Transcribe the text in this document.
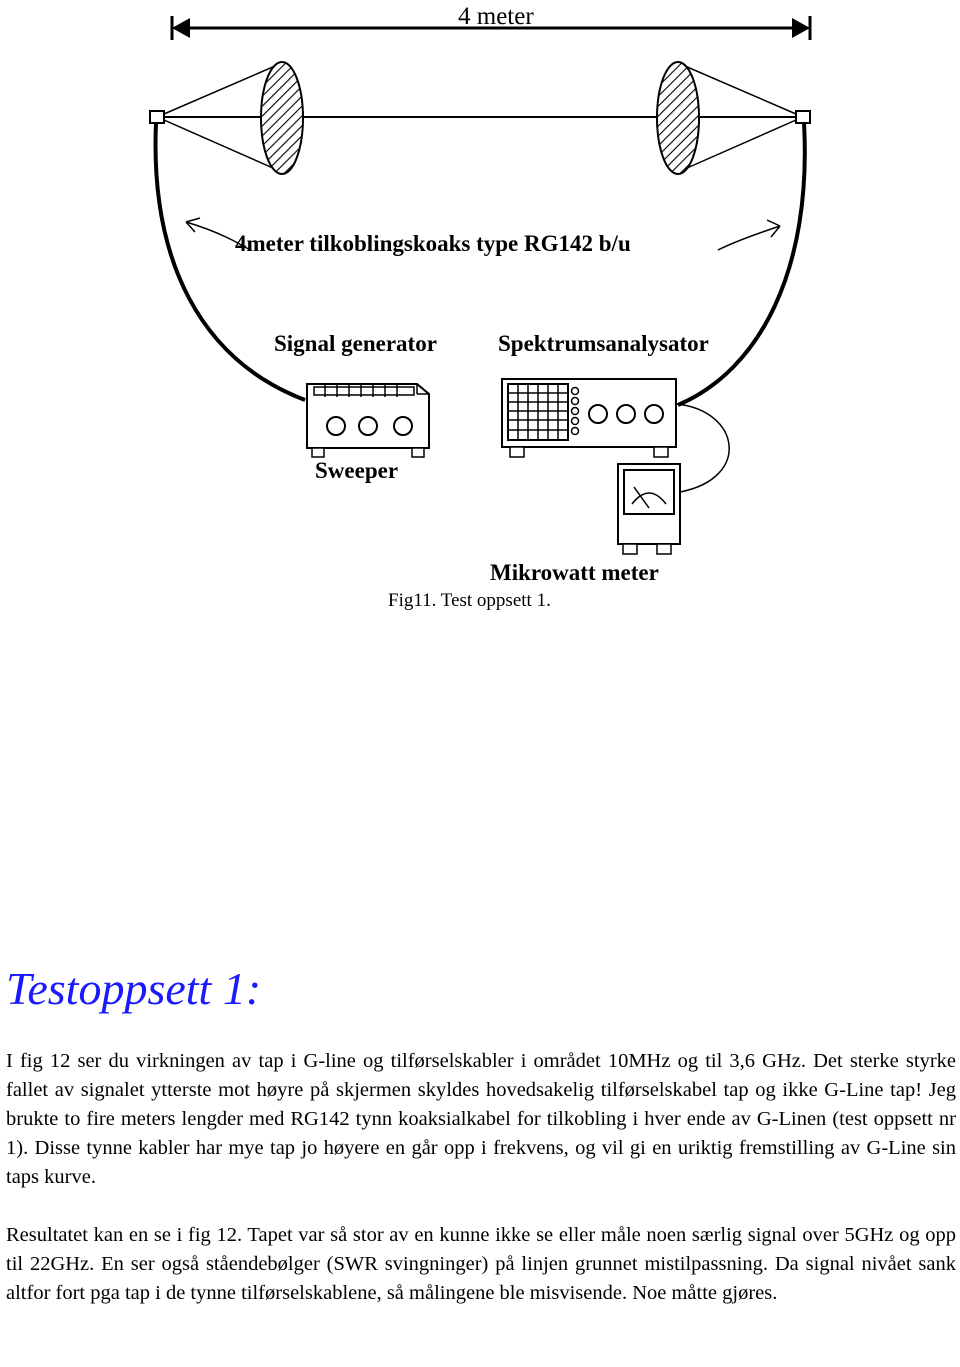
4 meter
4meter tilkoblingskoaks type RG142 b/u
Signal generator	Spektrumsanalysator
Sweeper
Mikrowatt meter
Fig11. Test oppsett 1.
Testoppsett 1:

I fig 12 ser du virkningen av tap i G-line og tilførselskabler i området 10MHz og til 3,6 GHz. Det sterke styrke fallet av signalet ytterste mot høyre på skjermen skyldes hovedsakelig tilførselskabel tap og ikke G-Line tap! Jeg brukte to fire meters lengder med RG142 tynn koaksialkabel for tilkobling i hver ende av G-Linen (test oppsett nr 1). Disse tynne kabler har mye tap jo høyere en går opp i frekvens, og vil gi en uriktig fremstilling av G-Line sin taps kurve.

Resultatet kan en se i fig 12. Tapet var så stor av en kunne ikke se eller måle noen særlig signal over 5GHz og opp til 22GHz. En ser også ståendebølger (SWR svingninger) på linjen grunnet mistilpassning. Da signal nivået sank altfor fort pga tap i de tynne tilførselskablene, så målingene ble misvisende. Noe måtte gjøres.
